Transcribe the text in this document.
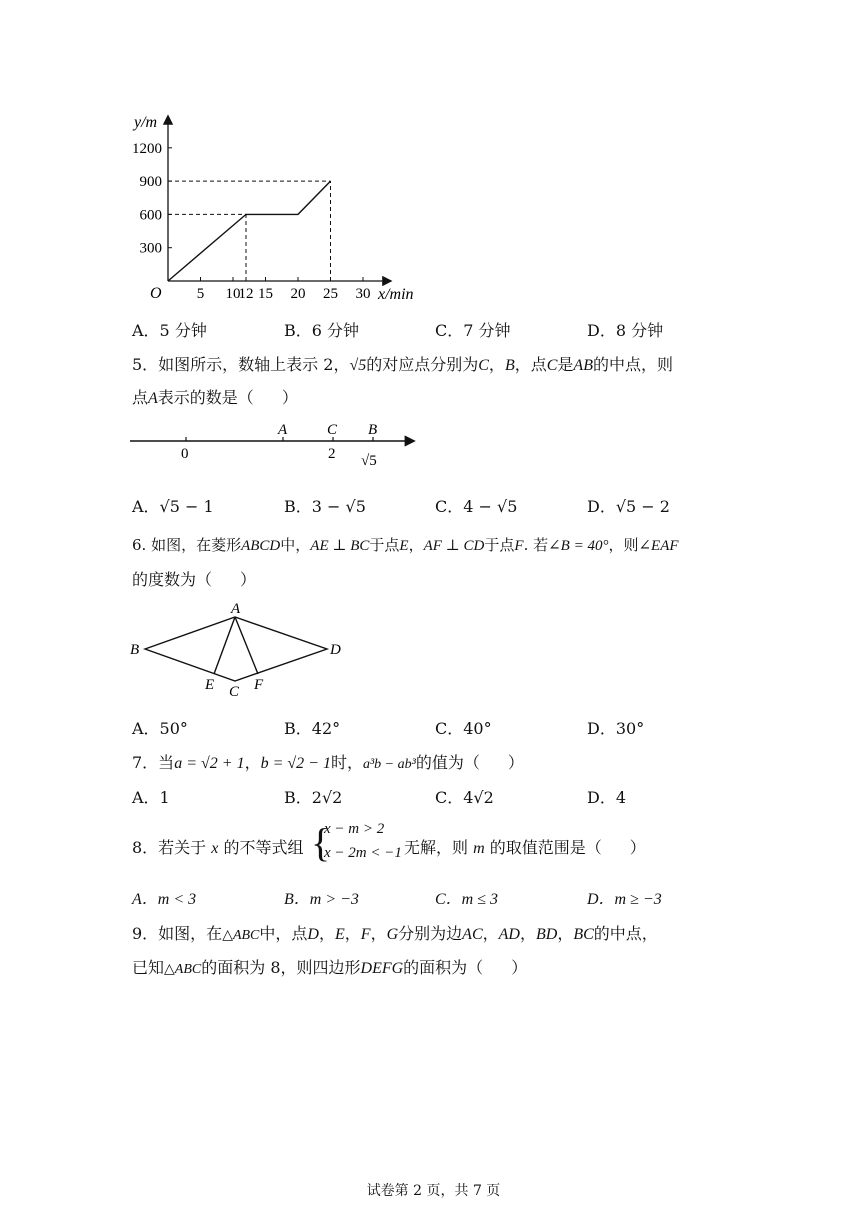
5 10
12 15 20 25 30
300
600
900
1200
y/m
x/min
O
A．5 分钟	B．6 分钟	C．7 分钟	D．8 分钟
5．如图所示，数轴上表示 2，√5的对应点分别为C，B，点C是AB的中点，则
点A表示的数是（ ）
0	2 √5
A	C B
A．√5 − 1	B．3 − √5	C．4 − √5	D．√5 − 2
6. 如图，在菱形ABCD中，AE ⊥ BC于点E，AF ⊥ CD于点F. 若∠B = 40°，则∠EAF
的度数为（ ）
A
B	D
C
E	F
A．50°	B．42°	C．40°	D．30°
7．当a = √2 + 1，b = √2 − 1时，a³b − ab³的值为（ ）
A．1	B．2√2	C．4√2	D．4
8．若关于 x 的不等式组 {
x − m > 2
x − 2m < −1 无解，则 m 的取值范围是（ ）
A．m < 3	B．m > −3	C．m ≤ 3	D．m ≥ −3
9．如图，在△ABC中，点D，E，F，G分别为边AC，AD，BD，BC的中点，
已知△ABC的面积为 8，则四边形DEFG的面积为（ ）
试卷第 2 页，共 7 页
